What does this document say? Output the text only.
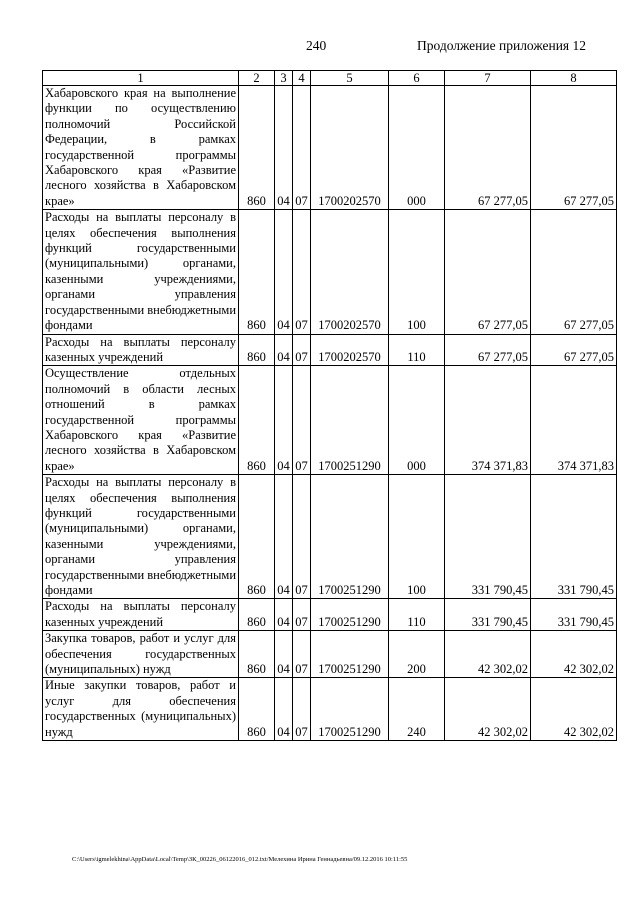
240	Продолжение приложения 12
1	2	3	4	5	6	7	8
Хабаровского края на выполнение функции по осуществлению полномочий Российской Федерации, в рамках государственной программы Хабаровского края «Развитие лесного хозяйства в Хабаровском крае»	860	04	07	1700202570	000	67 277,05	67 277,05
Расходы на выплаты персоналу в целях обеспечения выполнения функций государственными (муниципальными) органами, казенными учреждениями, органами управления государственными внебюджетными фондами	860	04	07	1700202570	100	67 277,05	67 277,05
Расходы на выплаты персоналу казенных учреждений	860	04	07	1700202570	110	67 277,05	67 277,05
Осуществление отдельных полномочий в области лесных отношений в рамках государственной программы Хабаровского края «Развитие лесного хозяйства в Хабаровском крае»	860	04	07	1700251290	000	374 371,83	374 371,83
Расходы на выплаты персоналу в целях обеспечения выполнения функций государственными (муниципальными) органами, казенными учреждениями, органами управления государственными внебюджетными фондами	860	04	07	1700251290	100	331 790,45	331 790,45
Расходы на выплаты персоналу казенных учреждений	860	04	07	1700251290	110	331 790,45	331 790,45
Закупка товаров, работ и услуг для обеспечения государственных (муниципальных) нужд	860	04	07	1700251290	200	42 302,02	42 302,02
Иные закупки товаров, работ и услуг для обеспечения государственных (муниципальных) нужд	860	04	07	1700251290	240	42 302,02	42 302,02
C:\Users\igmelekhina\AppData\Local\Temp\ЗК_00226_06122016_012.txt/Мелехина Ирина Геннадьевна/09.12.2016 10:11:55
